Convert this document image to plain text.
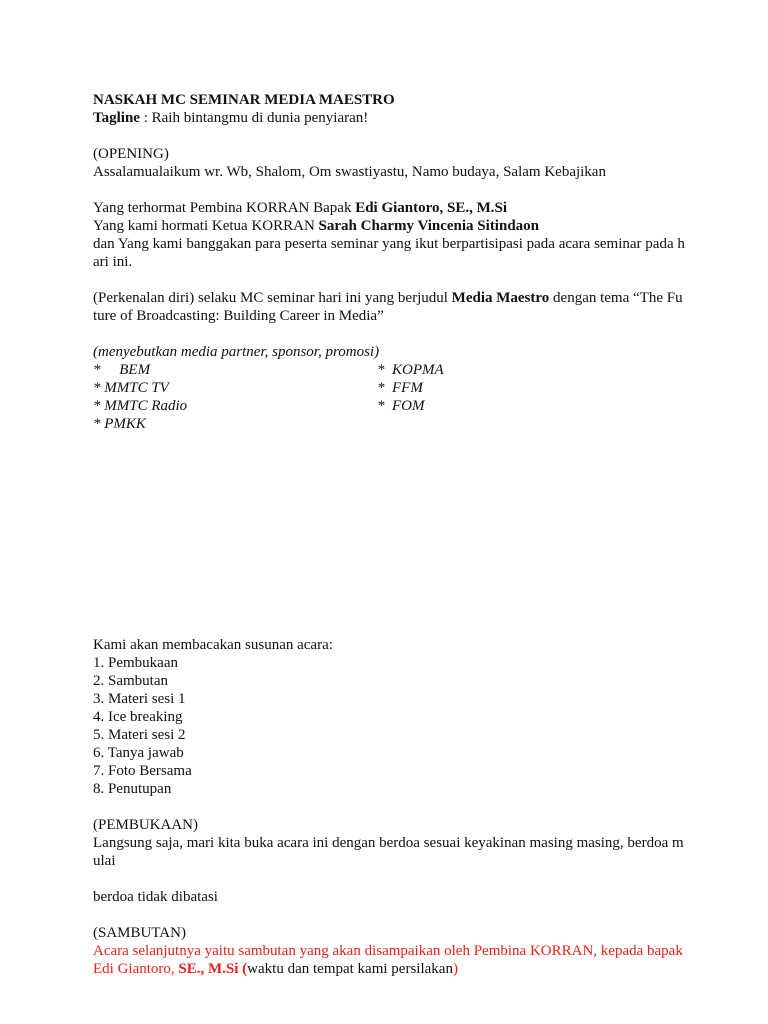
NASKAH MC SEMINAR MEDIA MAESTRO
Tagline : Raih bintangmu di dunia penyiaran!
(OPENING)
Assalamualaikum wr. Wb, Shalom, Om swastiyastu, Namo budaya, Salam Kebajikan
Yang terhormat Pembina KORRAN Bapak Edi Giantoro, SE., M.Si
Yang kami hormati Ketua KORRAN Sarah Charmy Vincenia Sitindaon
dan Yang kami banggakan para peserta seminar yang ikut berpartisipasi pada acara seminar pada hari ini.
(Perkenalan diri) selaku MC seminar hari ini yang berjudul Media Maestro dengan tema “The Future of Broadcasting: Building Career in Media”
(menyebutkan media partner, sponsor, promosi)
*     BEM
* MMTC TV
* MMTC Radio
* PMKK
*  KOPMA
*  FFM
*  FOM
Kami akan membacakan susunan acara:
1. Pembukaan
2. Sambutan
3. Materi sesi 1
4. Ice breaking
5. Materi sesi 2
6. Tanya jawab
7. Foto Bersama
8. Penutupan
(PEMBUKAAN)
Langsung saja, mari kita buka acara ini dengan berdoa sesuai keyakinan masing masing, berdoa mulai
berdoa tidak dibatasi
(SAMBUTAN)
Acara selanjutnya yaitu sambutan yang akan disampaikan oleh Pembina KORRAN, kepada bapak Edi Giantoro, SE., M.Si (waktu dan tempat kami persilakan)
